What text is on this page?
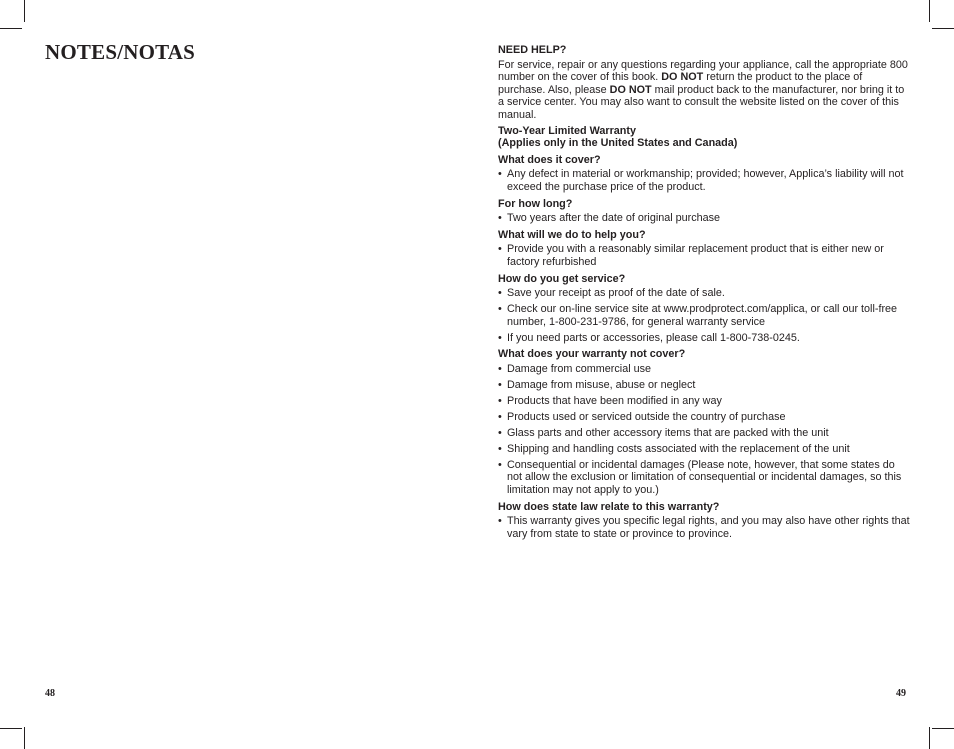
NOTES/NOTAS
48

NEED HELP?

For service, repair or any questions regarding your appliance, call the appropriate 800 number on the cover of this book. DO NOT return the product to the place of purchase. Also, please DO NOT mail product back to the manufacturer, nor bring it to a service center. You may also want to consult the website listed on the cover of this manual.

Two-Year Limited Warranty

(Applies only in the United States and Canada)

What does it cover?

• Any defect in material or workmanship; provided; however, Applica’s liability will not exceed the purchase price of the product.

For how long?

• Two years after the date of original purchase

What will we do to help you?

• Provide you with a reasonably similar replacement product that is either new or factory refurbished

How do you get service?

• Save your receipt as proof of the date of sale.
• Check our on-line service site at www.prodprotect.com/applica, or call our toll-free number, 1-800-231-9786, for general warranty service
• If you need parts or accessories, please call 1-800-738-0245.

What does your warranty not cover?

• Damage from commercial use
• Damage from misuse, abuse or neglect
• Products that have been modified in any way
• Products used or serviced outside the country of purchase
• Glass parts and other accessory items that are packed with the unit
• Shipping and handling costs associated with the replacement of the unit
• Consequential or incidental damages (Please note, however, that some states do not allow the exclusion or limitation of consequential or incidental damages, so this limitation may not apply to you.)

How does state law relate to this warranty?

• This warranty gives you specific legal rights, and you may also have other rights that vary from state to state or province to province.
49
